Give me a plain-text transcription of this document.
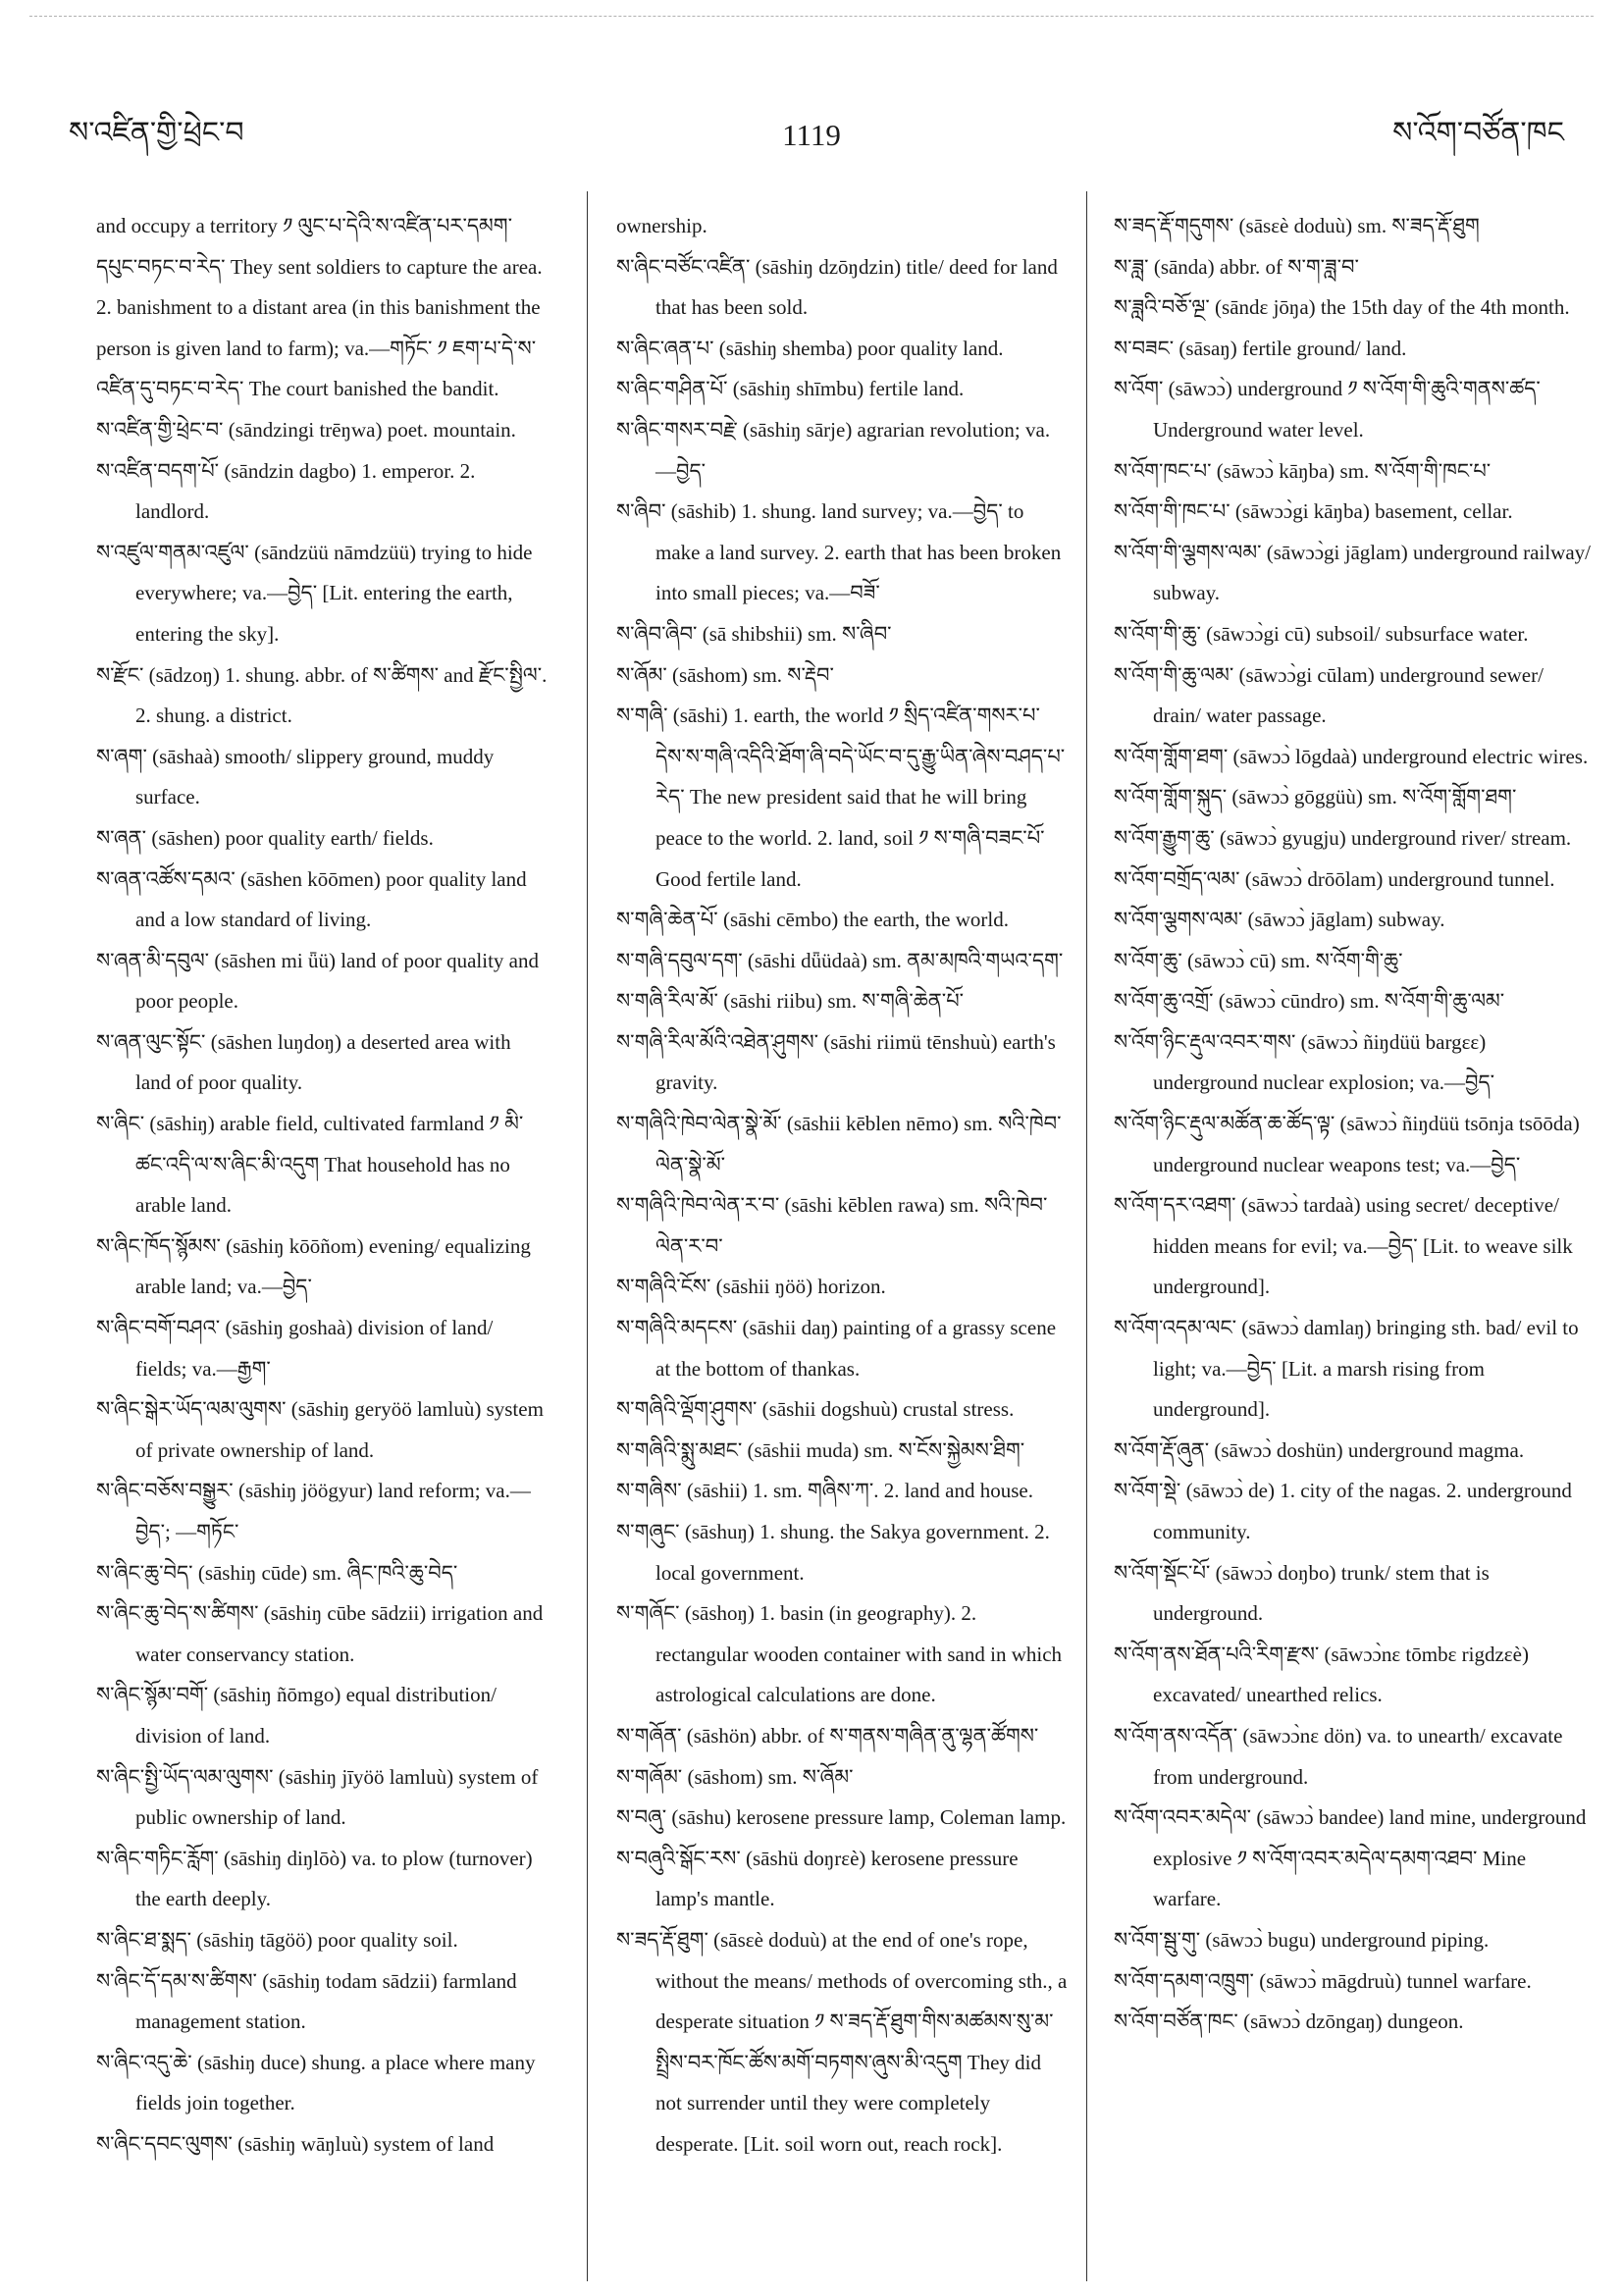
ས་འཛིན་གྱི་ཕྲེང་བ	1119	ས་འོག་བཙོན་ཁང

and occupy a territory ༡ ལུང་པ་དེའི་ས་འཛིན་པར་དམག་དཔུང་བཏང་བ་རེད་ They sent soldiers to capture the area. 2. banishment to a distant area (in this banishment the person is given land to farm); va.—གཏོང་ ༡ ཇག་པ་དེ་ས་འཛིན་དུ་བཏང་བ་རེད་ The court banished the bandit.

ས་འཛིན་གྱི་ཕྲེང་བ་ (sāndzingi trēŋwa) poet. mountain.

ས་འཛིན་བདག་པོ་ (sāndzin dagbo) 1. emperor. 2. landlord.

ས་འཛུལ་གནམ་འཛུལ་ (sāndzüü nāmdzüü) trying to hide everywhere; va.—བྱེད་ [Lit. entering the earth, entering the sky].

ས་རྫོང་ (sādzoŋ) 1. shung. abbr. of ས་ཚིགས་ and རྫོང་སྤྱིལ་. 2. shung. a district.

ས་ཞག་ (sāshaà) smooth/ slippery ground, muddy surface.

ས་ཞན་ (sāshen) poor quality earth/ fields.

ས་ཞན་འཚོས་དམའ་ (sāshen kōōmen) poor quality land and a low standard of living.

ས་ཞན་མི་དབུལ་ (sāshen mi ǖü) land of poor quality and poor people.

ས་ཞན་ལུང་སྟོང་ (sāshen luŋdoŋ) a deserted area with land of poor quality.

ས་ཞིང་ (sāshiŋ) arable field, cultivated farmland ༡ མི་ཚང་འདི་ལ་ས་ཞིང་མི་འདུག That household has no arable land.

ས་ཞིང་ཁོད་སྙོམས་ (sāshiŋ kōōñom) evening/ equalizing arable land; va.—བྱེད་

ས་ཞིང་བགོ་བཤའ་ (sāshiŋ goshaà) division of land/ fields; va.—རྒྱག་

ས་ཞིང་སྒེར་ཡོད་ལམ་ལུགས་ (sāshiŋ geryöö lamluù) system of private ownership of land.

ས་ཞིང་བཅོས་བསྒྱུར་ (sāshiŋ jöögyur) land reform; va.—བྱེད་; —གཏོང་

ས་ཞིང་ཆུ་བེད་ (sāshiŋ cūde) sm. ཞིང་ཁའི་ཆུ་བེད་

ས་ཞིང་ཆུ་བེད་ས་ཚིགས་ (sāshiŋ cūbe sādzii) irrigation and water conservancy station.

ས་ཞིང་སྙོམ་བགོ་ (sāshiŋ ñōmgo) equal distribution/ division of land.

ས་ཞིང་སྤྱི་ཡོད་ལམ་ལུགས་ (sāshiŋ jīyöö lamluù) system of public ownership of land.

ས་ཞིང་གཏིང་རློག་ (sāshiŋ diŋlōò) va. to plow (turnover) the earth deeply.

ས་ཞིང་ཐ་སྨད་ (sāshiŋ tāgöö) poor quality soil.

ས་ཞིང་དོ་དམ་ས་ཚིགས་ (sāshiŋ todam sādzii) farmland management station.

ས་ཞིང་འདུ་ཆེ་ (sāshiŋ duce) shung. a place where many fields join together.

ས་ཞིང་དབང་ལུགས་ (sāshiŋ wāŋluù) system of land

ownership.

ས་ཞིང་བཙོང་འཛིན་ (sāshiŋ dzōŋdzin) title/ deed for land that has been sold.

ས་ཞིང་ཞན་པ་ (sāshiŋ shemba) poor quality land.

ས་ཞིང་གཤིན་པོ་ (sāshiŋ shīmbu) fertile land.

ས་ཞིང་གསར་བརྗེ་ (sāshiŋ sārje) agrarian revolution; va.—བྱེད་

ས་ཞིབ་ (sāshib) 1. shung. land survey; va.—བྱེད་ to make a land survey. 2. earth that has been broken into small pieces; va.—བཟོ་

ས་ཞིབ་ཞིབ་ (sā shibshii) sm. ས་ཞིབ་

ས་ཞོམ་ (sāshom) sm. ས་རྡེབ་

ས་གཞི་ (sāshi) 1. earth, the world ༡ སྲིད་འཛིན་གསར་པ་དེས་ས་གཞི་འདིའི་ཐོག་ཞི་བདེ་ཡོང་བ་དུ་རྒྱུ་ཡིན་ཞེས་བཤད་པ་རེད་ The new president said that he will bring peace to the world. 2. land, soil ༡ ས་གཞི་བཟང་པོ་ Good fertile land.

ས་གཞི་ཆེན་པོ་ (sāshi cēmbo) the earth, the world.

ས་གཞི་དབུལ་དག་ (sāshi dǖüdaà) sm. ནམ་མཁའི་གཡའ་དག་

ས་གཞི་རིལ་མོ་ (sāshi riibu) sm. ས་གཞི་ཆེན་པོ་

ས་གཞི་རིལ་མོའི་འཐེན་ཤུགས་ (sāshi riimü tēnshuù) earth's gravity.

ས་གཞིའི་ཁེབ་ལེན་སྣེ་མོ་ (sāshii kēblen nēmo) sm. སའི་ཁེབ་ལེན་སྣེ་མོ་

ས་གཞིའི་ཁེབ་ལེན་ར་བ་ (sāshi kēblen rawa) sm. སའི་ཁེབ་ལེན་ར་བ་

ས་གཞིའི་ངོས་ (sāshii ŋöö) horizon.

ས་གཞིའི་མདངས་ (sāshii daŋ) painting of a grassy scene at the bottom of thankas.

ས་གཞིའི་ལྡོག་ཤུགས་ (sāshii dogshuù) crustal stress.

ས་གཞིའི་སྨུ་མཐང་ (sāshii muda) sm. ས་ངོས་སྐྱེམས་ཐིག་

ས་གཞིས་ (sāshii) 1. sm. གཞིས་ཀ་. 2. land and house.

ས་གཞུང་ (sāshuŋ) 1. shung. the Sakya government. 2. local government.

ས་གཞོང་ (sāshoŋ) 1. basin (in geography). 2. rectangular wooden container with sand in which astrological calculations are done.

ས་གཞོན་ (sāshön) abbr. of ས་གནས་གཞིན་ནུ་ལྷན་ཚོགས་

ས་གཞོམ་ (sāshom) sm. ས་ཞོམ་

ས་བཞུ་ (sāshu) kerosene pressure lamp, Coleman lamp.

ས་བཞུའི་སྒོང་རས་ (sāshü doŋrεè) kerosene pressure lamp's mantle.

ས་ཟད་རྡོ་ཐུག་ (sāsεè doduù) at the end of one's rope, without the means/ methods of overcoming sth., a desperate situation ༡ ས་ཟད་རྡོ་ཐུག་གིས་མཚམས་སུ་མ་སྤྲིས་བར་ཁོང་ཚོས་མགོ་བཏགས་ཞུས་མི་འདུག They did not surrender until they were completely desperate. [Lit. soil worn out, reach rock].

ས་ཟད་རྡོ་གདུགས་ (sāsεè doduù) sm. ས་ཟད་རྡོ་ཐུག

ས་ཟླ་ (sānda) abbr. of ས་ག་ཟླ་བ་

ས་ཟླའི་བཅོ་ལྔ་ (sāndε jōŋa) the 15th day of the 4th month.

ས་བཟང་ (sāsaŋ) fertile ground/ land.

ས་འོག་ (sāwɔɔ̀) underground ༡ ས་འོག་གི་ཆུའི་གནས་ཚད་ Underground water level.

ས་འོག་ཁང་པ་ (sāwɔɔ̀ kāŋba) sm. ས་འོག་གི་ཁང་པ་

ས་འོག་གི་ཁང་པ་ (sāwɔɔ̀gi kāŋba) basement, cellar.

ས་འོག་གི་ལྕགས་ལམ་ (sāwɔɔ̀gi jāglam) underground railway/ subway.

ས་འོག་གི་ཆུ་ (sāwɔɔ̀gi cū) subsoil/ subsurface water.

ས་འོག་གི་ཆུ་ལམ་ (sāwɔɔ̀gi cūlam) underground sewer/ drain/ water passage.

ས་འོག་གློག་ཐག་ (sāwɔɔ̀ lōgdaà) underground electric wires.

ས་འོག་གློག་སྐུད་ (sāwɔɔ̀ gōggüù) sm. ས་འོག་གློག་ཐག་

ས་འོག་རྒྱུག་ཆུ་ (sāwɔɔ̀ gyugju) underground river/ stream.

ས་འོག་བགྲོད་ལམ་ (sāwɔɔ̀ drōōlam) underground tunnel.

ས་འོག་ལྕགས་ལམ་ (sāwɔɔ̀ jāglam) subway.

ས་འོག་ཆུ་ (sāwɔɔ̀ cū) sm. ས་འོག་གི་ཆུ་

ས་འོག་ཆུ་འགྲོ་ (sāwɔɔ̀ cūndro) sm. ས་འོག་གི་ཆུ་ལམ་

ས་འོག་ཉིང་རྡུལ་འབར་གས་ (sāwɔɔ̀ ñiŋdüü bargεε) underground nuclear explosion; va.—བྱེད་

ས་འོག་ཉིང་རྡུལ་མཚོན་ཆ་ཚོད་ལྟ་ (sāwɔɔ̀ ñiŋdüü tsōnja tsōōda) underground nuclear weapons test; va.—བྱེད་

ས་འོག་དར་འཐག་ (sāwɔɔ̀ tardaà) using secret/ deceptive/ hidden means for evil; va.—བྱེད་ [Lit. to weave silk underground].

ས་འོག་འདམ་ལང་ (sāwɔɔ̀ damlaŋ) bringing sth. bad/ evil to light; va.—བྱེད་ [Lit. a marsh rising from underground].

ས་འོག་རྡོ་ཞུན་ (sāwɔɔ̀ doshün) underground magma.

ས་འོག་སྡེ་ (sāwɔɔ̀ de) 1. city of the nagas. 2. underground community.

ས་འོག་སྡོང་པོ་ (sāwɔɔ̀ doŋbo) trunk/ stem that is underground.

ས་འོག་ནས་ཐོན་པའི་རིག་རྫས་ (sāwɔɔ̀nε tōmbε rigdzεè) excavated/ unearthed relics.

ས་འོག་ནས་འདོན་ (sāwɔɔ̀nε dön) va. to unearth/ excavate from underground.

ས་འོག་འབར་མདེལ་ (sāwɔɔ̀ bandee) land mine, underground explosive ༡ ས་འོག་འབར་མདེལ་དམག་འཐབ་ Mine warfare.

ས་འོག་སྦུ་གུ་ (sāwɔɔ̀ bugu) underground piping.

ས་འོག་དམག་འཁྲུག་ (sāwɔɔ̀ māgdruù) tunnel warfare.

ས་འོག་བཙོན་ཁང་ (sāwɔɔ̀ dzōngaŋ) dungeon.
